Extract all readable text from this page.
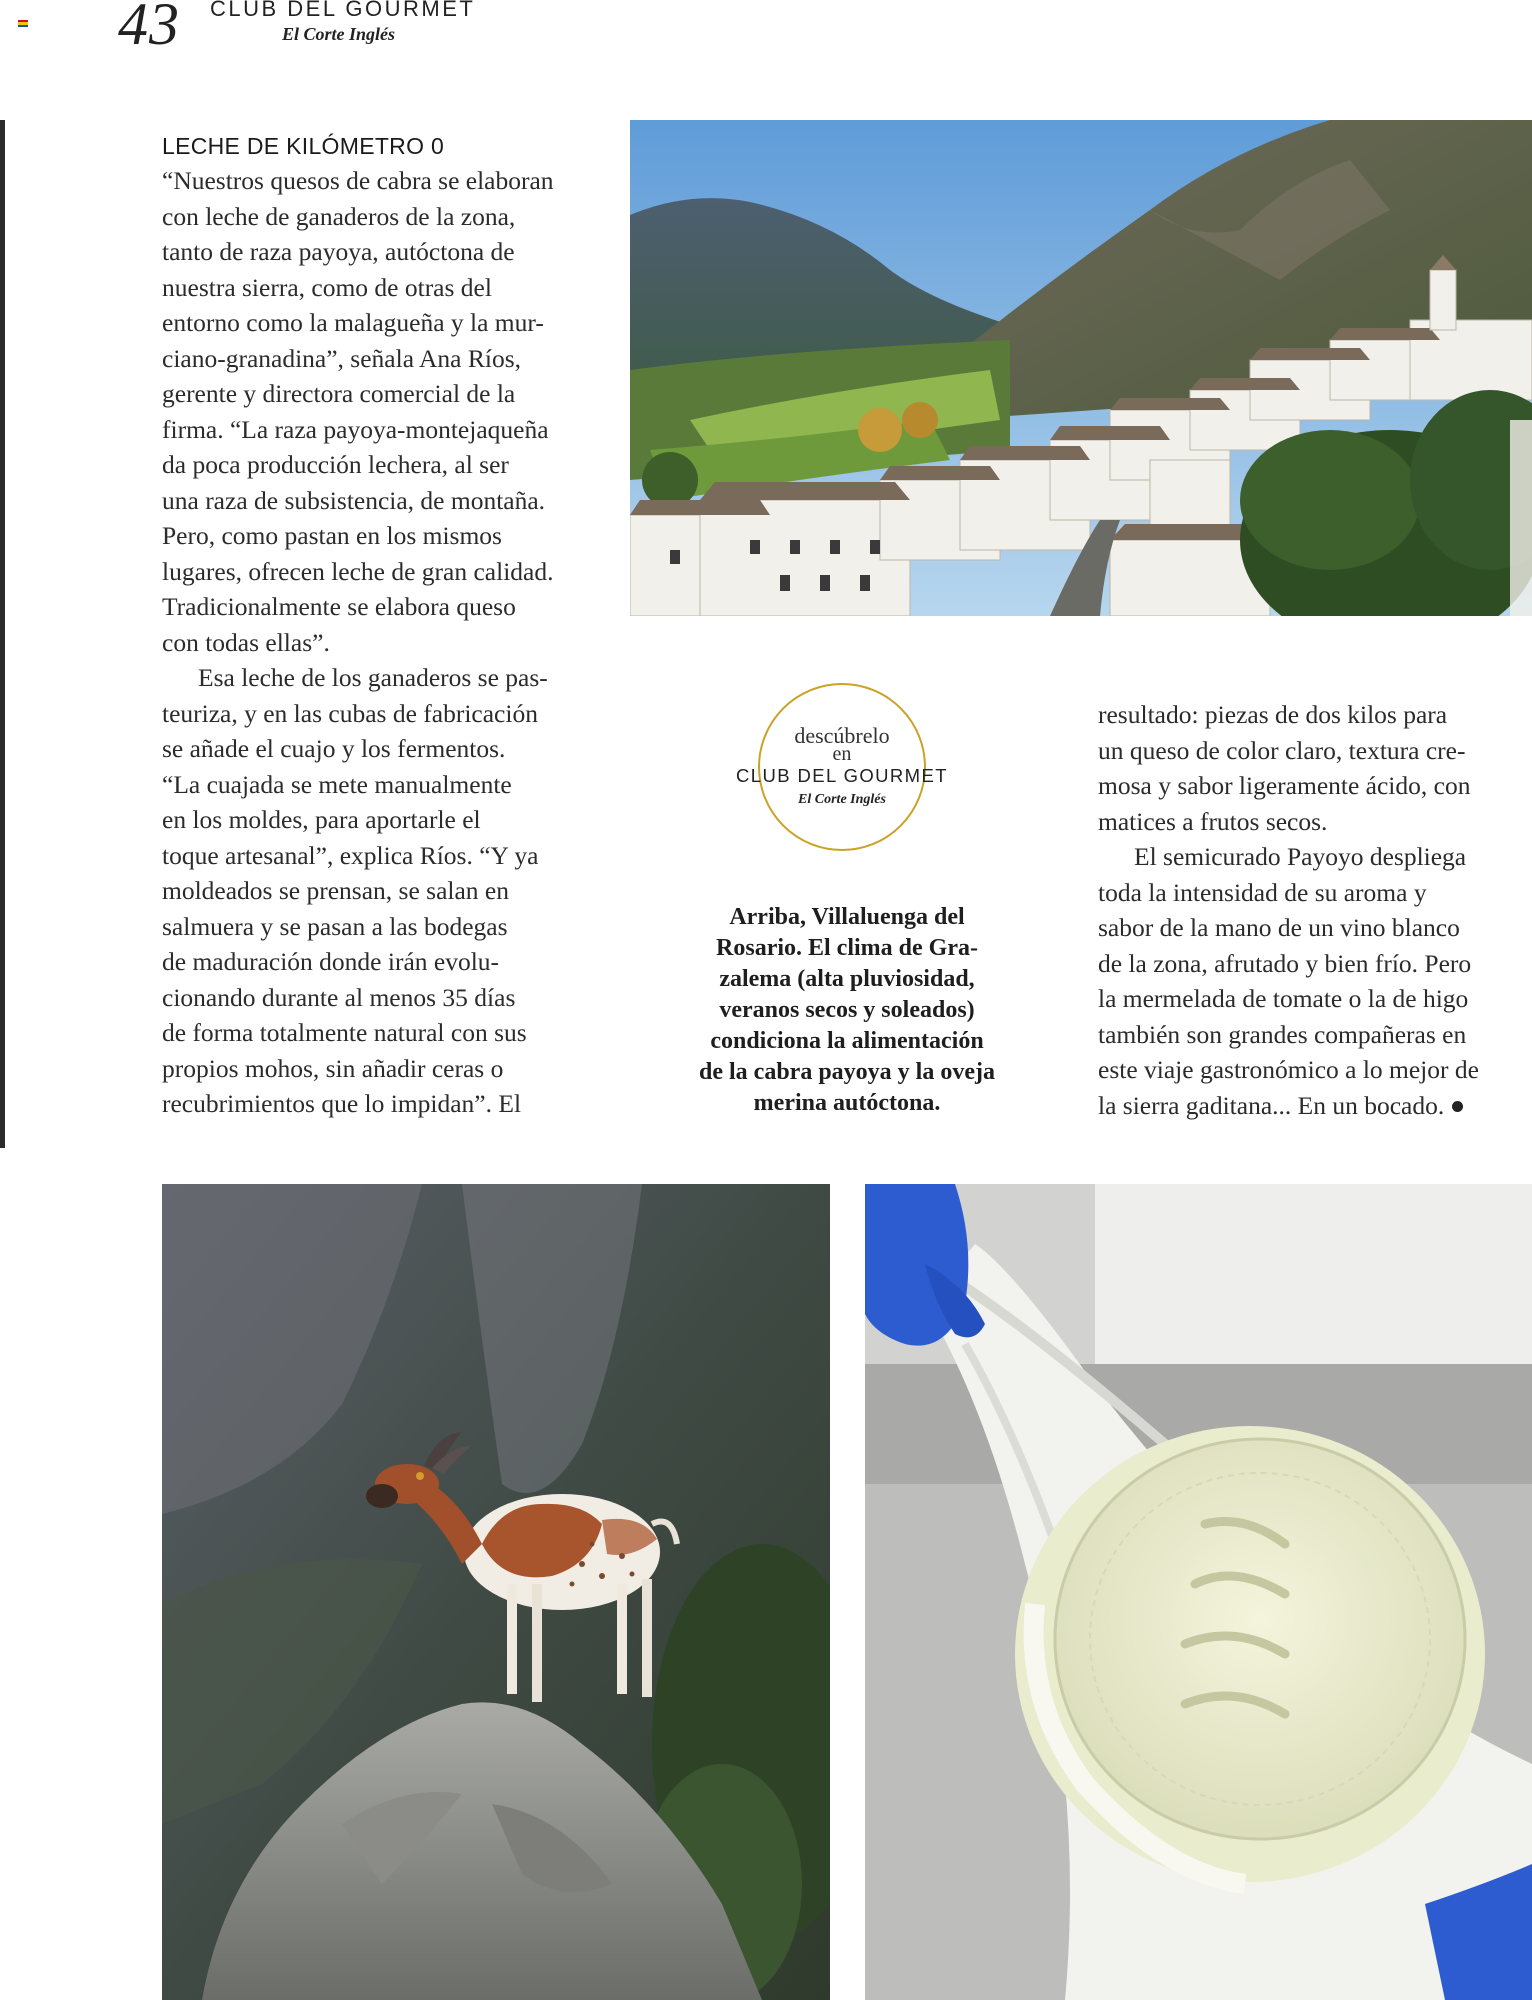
43 CLUB DEL GOURMET
El Corte Inglés
LECHE DE KILÓMETRO 0

“Nuestros quesos de cabra se elaboran

con leche de ganaderos de la zona,

tanto de raza payoya, autóctona de

nuestra sierra, como de otras del

entorno como la malagueña y la mur-

ciano-granadina”, señala Ana Ríos,

gerente y directora comercial de la

firma. “La raza payoya-montejaqueña

da poca producción lechera, al ser

una raza de subsistencia, de montaña.

Pero, como pastan en los mismos

lugares, ofrecen leche de gran calidad.

Tradicionalmente se elabora queso

con todas ellas”.

Esa leche de los ganaderos se pas-

teuriza, y en las cubas de fabricación

se añade el cuajo y los fermentos.

“La cuajada se mete manualmente

en los moldes, para aportarle el

toque artesanal”, explica Ríos. “Y ya

moldeados se prensan, se salan en

salmuera y se pasan a las bodegas

de maduración donde irán evolu-

cionando durante al menos 35 días

de forma totalmente natural con sus

propios mohos, sin añadir ceras o

recubrimientos que lo impidan”. El

descúbrelo
en
CLUB DEL GOURMET
El Corte Inglés
Arriba, Villaluenga del
Rosario. El clima de Gra-
zalema (alta pluviosidad,
veranos secos y soleados)
condiciona la alimentación
de la cabra payoya y la oveja
merina autóctona.

resultado: piezas de dos kilos para

un queso de color claro, textura cre-

mosa y sabor ligeramente ácido, con

matices a frutos secos.

El semicurado Payoyo despliega

toda la intensidad de su aroma y

sabor de la mano de un vino blanco

de la zona, afrutado y bien frío. Pero

la mermelada de tomate o la de higo

también son grandes compañeras en

este viaje gastronómico a lo mejor de

la sierra gaditana... En un bocado.
